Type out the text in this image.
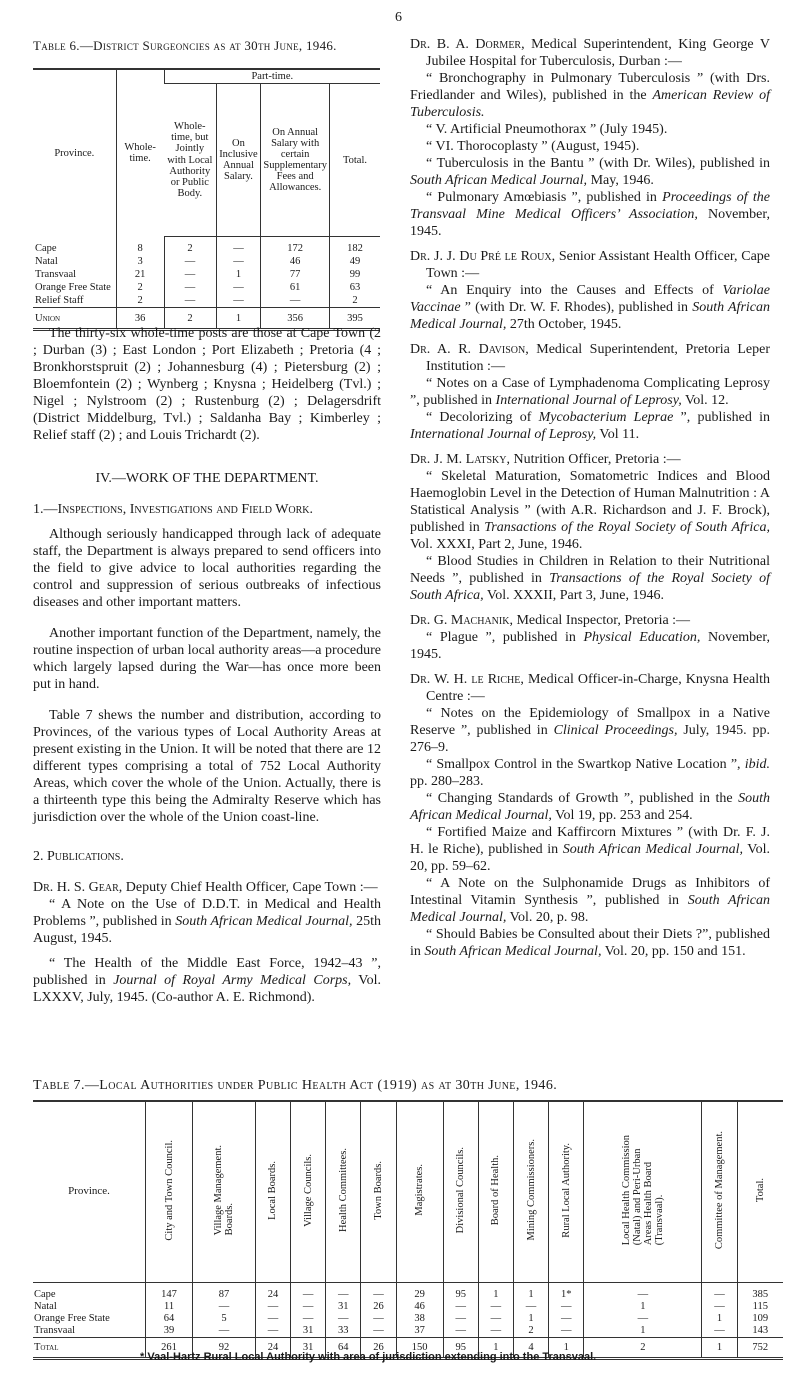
6
Table 6.—District Surgeoncies as at 30th June, 1946.
Province.	Whole-time.	Part-time.			
		Whole-time, but Jointly with Local Authority or Public Body.	On Inclusive Annual Salary.	On Annual Salary with certain Supplementary Fees and Allowances.	Total.
Cape	8	2	—	172	182
Natal	3	—	—	46	49
Transvaal	21	—	1	77	99
Orange Free State	2	—	—	61	63
Relief Staff	2	—	—	—	2
Union	36	2	1	356	395

The thirty-six whole-time posts are those at Cape Town (2 ; Durban (3) ; East London ; Port Elizabeth ; Pretoria (4 ; Bronkhorstspruit (2) ; Johannesburg (4) ; Pietersburg (2) ; Bloemfontein (2) ; Wynberg ; Knysna ; Heidelberg (Tvl.) ; Nigel ; Nylstroom (2) ; Rustenburg (2) ; Delagersdrift (District Middelburg, Tvl.) ; Saldanha Bay ; Kimberley ; Relief staff (2) ; and Louis Trichardt (2).

IV.—WORK OF THE DEPARTMENT.

1.—Inspections, Investigations and Field Work.

Although seriously handicapped through lack of adequate staff, the Department is always prepared to send officers into the field to give advice to local authorities regarding the control and suppression of serious outbreaks of infectious diseases and other important matters.

Another important function of the Department, namely, the routine inspection of urban local authority areas—a procedure which largely lapsed during the War—has once more been put in hand.

Table 7 shews the number and distribution, according to Provinces, of the various types of Local Authority Areas at present existing in the Union. It will be noted that there are 12 different types comprising a total of 752 Local Authority Areas, which cover the whole of the Union. Actually, there is a thirteenth type this being the Admiralty Reserve which has jurisdiction over the whole of the Union coast-line.

2. Publications.

Dr. H. S. Gear, Deputy Chief Health Officer, Cape Town :—

“ A Note on the Use of D.D.T. in Medical and Health Problems ”, published in South African Medical Journal, 25th August, 1945.

“ The Health of the Middle East Force, 1942–43 ”, published in Journal of Royal Army Medical Corps, Vol. LXXXV, July, 1945. (Co-author A. E. Richmond).

Dr. B. A. Dormer, Medical Superintendent, King George V Jubilee Hospital for Tuberculosis, Durban :—

“ Bronchography in Pulmonary Tuberculosis ” (with Drs. Friedlander and Wiles), published in the American Review of Tuberculosis.

“ V. Artificial Pneumothorax ” (July 1945).

“ VI. Thorocoplasty ” (August, 1945).

“ Tuberculosis in the Bantu ” (with Dr. Wiles), published in South African Medical Journal, May, 1946.

“ Pulmonary Amœbiasis ”, published in Proceedings of the Transvaal Mine Medical Officers’ Association, November, 1945.

Dr. J. J. Du Pré le Roux, Senior Assistant Health Officer, Cape Town :—

“ An Enquiry into the Causes and Effects of Variolae Vaccinae ” (with Dr. W. F. Rhodes), published in South African Medical Journal, 27th October, 1945.

Dr. A. R. Davison, Medical Superintendent, Pretoria Leper Institution :—

“ Notes on a Case of Lymphadenoma Complicating Leprosy ”, published in International Journal of Leprosy, Vol. 12.

“ Decolorizing of Mycobacterium Leprae ”, published in International Journal of Leprosy, Vol 11.

Dr. J. M. Latsky, Nutrition Officer, Pretoria :—

“ Skeletal Maturation, Somatometric Indices and Blood Haemoglobin Level in the Detection of Human Malnutrition : A Statistical Analysis ” (with A.R. Richardson and J. F. Brock), published in Transactions of the Royal Society of South Africa, Vol. XXXI, Part 2, June, 1946.

“ Blood Studies in Children in Relation to their Nutritional Needs ”, published in Transactions of the Royal Society of South Africa, Vol. XXXII, Part 3, June, 1946.

Dr. G. Machanik, Medical Inspector, Pretoria :—

“ Plague ”, published in Physical Education, November, 1945.

Dr. W. H. le Riche, Medical Officer-in-Charge, Knysna Health Centre :—

“ Notes on the Epidemiology of Smallpox in a Native Reserve ”, published in Clinical Proceedings, July, 1945. pp. 276–9.

“ Smallpox Control in the Swartkop Native Location ”, ibid. pp. 280–283.

“ Changing Standards of Growth ”, published in the South African Medical Journal, Vol 19, pp. 253 and 254.

“ Fortified Maize and Kaffircorn Mixtures ” (with Dr. F. J. H. le Riche), published in South African Medical Journal, Vol. 20, pp. 59–62.

“ A Note on the Sulphonamide Drugs as Inhibitors of Intestinal Vitamin Synthesis ”, published in South African Medical Journal, Vol. 20, p. 98.

“ Should Babies be Consulted about their Diets ?”, published in South African Medical Journal, Vol. 20, pp. 150 and 151.

Table 7.—Local Authorities under Public Health Act (1919) as at 30th June, 1946.
Province.	City and Town Council.	Village Management.
Boards.	Local Boards.	Village Councils.	Health Committees.	Town Boards.	Magistrates.	Divisional Councils.	Board of Health.	Mining Commissioners.	Rural Local Authority.	Local Health Commission
(Natal) and Peri-Urban
Areas Health Board
(Transvaal).	Committee of Management.	Total.
Cape	147	87	24	—	—	—	29	95	1	1	1*	—	—	385
Natal	11	—	—	—	31	26	46	—	—	—	—	1	—	115
Orange Free State	64	5	—	—	—	—	38	—	—	1	—	—	1	109
Transvaal	39	—	—	31	33	—	37	—	—	2	—	1	—	143
Total	261	92	24	31	64	26	150	95	1	4	1	2	1	752
* Vaal-Hartz Rural Local Authority with area of jurisdiction extending into the Transvaal.
